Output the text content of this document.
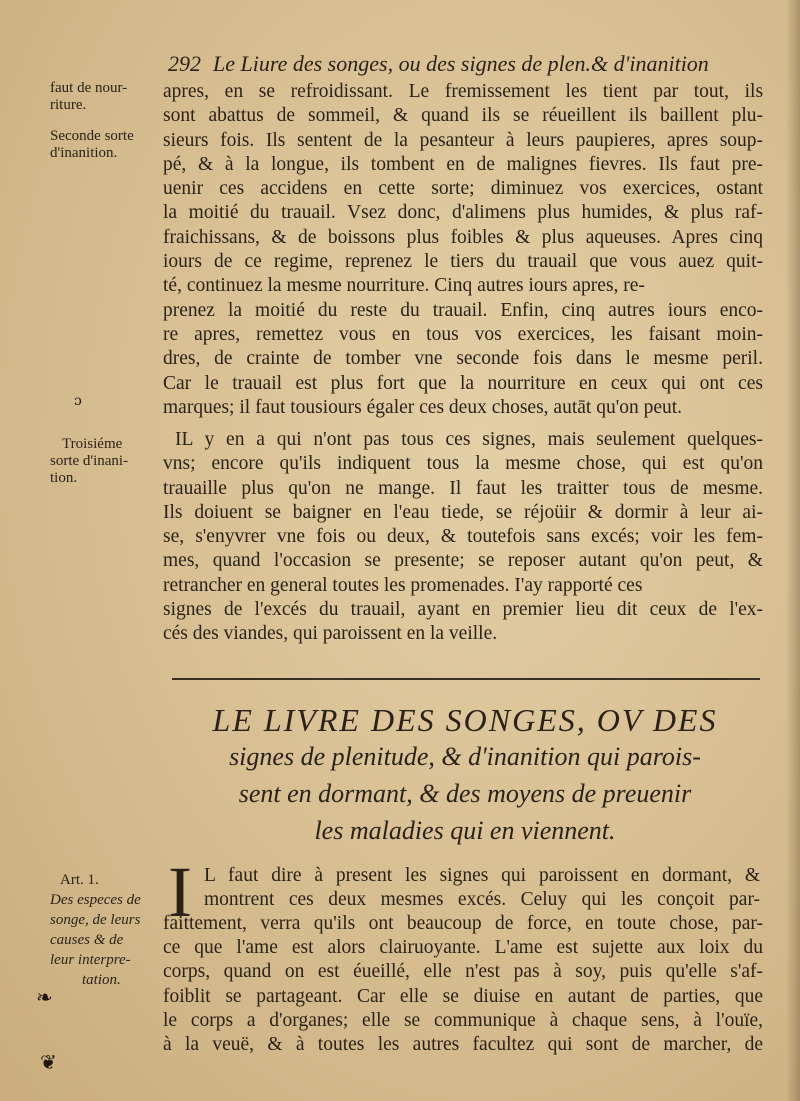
292 Le Liure des songes, ou des signes de plen.& d'inanition
faut de nour-
riture.
Seconde sorte
d'inanition.
Troisiéme
sorte d'inani-
tion.
Art. 1.
Des especes de
songe, de leurs
causes & de
leur interpre-
tation.
ɔ
❧
❦
apres, en se refroidissant. Le fremissement les tient par tout, ils
sont abattus de sommeil, & quand ils se réueillent ils baillent plu-
sieurs fois. Ils sentent de la pesanteur à leurs paupieres, apres soup-
pé, & à la longue, ils tombent en de malignes fievres. Ils faut pre-
uenir ces accidens en cette sorte; diminuez vos exercices, ostant
la moitié du trauail. Vsez donc, d'alimens plus humides, & plus raf-
fraichissans, & de boissons plus foibles & plus aqueuses. Apres cinq
iours de ce regime, reprenez le tiers du trauail que vous auez quit-
té, continuez la mesme nourriture. Cinq autres iours apres, re-
prenez la moitié du reste du trauail. Enfin, cinq autres iours enco-
re apres, remettez vous en tous vos exercices, les faisant moin-
dres, de crainte de tomber vne seconde fois dans le mesme peril.
Car le trauail est plus fort que la nourriture en ceux qui ont ces
marques; il faut tousiours égaler ces deux choses, autāt qu'on peut.
IL y en a qui n'ont pas tous ces signes, mais seulement quelques-
vns; encore qu'ils indiquent tous la mesme chose, qui est qu'on
trauaille plus qu'on ne mange. Il faut les traitter tous de mesme.
Ils doiuent se baigner en l'eau tiede, se réjoüir & dormir à leur ai-
se, s'enyvrer vne fois ou deux, & toutefois sans excés; voir les fem-
mes, quand l'occasion se presente; se reposer autant qu'on peut, &
retrancher en general toutes les promenades. I'ay rapporté ces
signes de l'excés du trauail, ayant en premier lieu dit ceux de l'ex-
cés des viandes, qui paroissent en la veille.
LE LIVRE DES SONGES, OV DES
signes de plenitude, & d'inanition qui parois-
sent en dormant, & des moyens de preuenir
les maladies qui en viennent.
I L faut dire à present les signes qui paroissent en dormant, &
montrent ces deux mesmes excés. Celuy qui les conçoit par-
faittement, verra qu'ils ont beaucoup de force, en toute chose, par-
ce que l'ame est alors clairuoyante. L'ame est sujette aux loix du
corps, quand on est éueillé, elle n'est pas à soy, puis qu'elle s'af-
foiblit se partageant. Car elle se diuise en autant de parties, que
le corps a d'organes; elle se communique à chaque sens, à l'ouïe,
à la veuë, & à toutes les autres facultez qui sont de marcher, de
